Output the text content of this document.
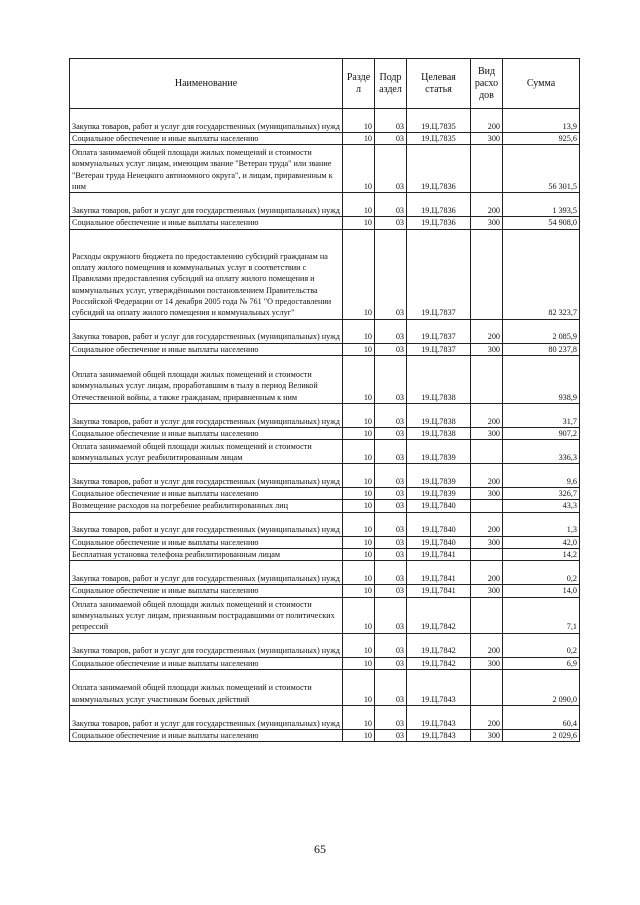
Наименование	Разде л	Подр аздел	Целевая статья	Вид расхо дов	Сумма
Закупка товаров, работ и услуг для государственных (муниципальных) нужд	10	03	19.Ц.7835	200	13,9
Социальное обеспечение и иные выплаты населению	10	03	19.Ц.7835	300	925,6
Оплата занимаемой общей площади жилых помещений и стоимости коммунальных услуг лицам, имеющим звание "Ветеран труда" или звание "Ветеран труда Ненецкого автономного округа", и лицам, приравненным к ним	10	03	19.Ц.7836		56 301,5
Закупка товаров, работ и услуг для государственных (муниципальных) нужд	10	03	19.Ц.7836	200	1 393,5
Социальное обеспечение и иные выплаты населению	10	03	19.Ц.7836	300	54 908,0
Расходы окружного бюджета по предоставлению субсидий гражданам на оплату жилого помещения и коммунальных услуг в соответствии с Правилами предоставления субсидий на оплату жилого помещения и коммунальных услуг, утверждёнными постановлением Правительства Российской Федерации от 14 декабря 2005 года № 761 "О предоставлении субсидий на оплату жилого помещения и коммунальных услуг"	10	03	19.Ц.7837		82 323,7
Закупка товаров, работ и услуг для государственных (муниципальных) нужд	10	03	19.Ц.7837	200	2 085,9
Социальное обеспечение и иные выплаты населению	10	03	19.Ц.7837	300	80 237,8
Оплата занимаемой общей площади жилых помещений и стоимости коммунальных услуг лицам, проработавшим в тылу в период Великой Отечественной войны, а также гражданам, приравненным к ним	10	03	19.Ц.7838		938,9
Закупка товаров, работ и услуг для государственных (муниципальных) нужд	10	03	19.Ц.7838	200	31,7
Социальное обеспечение и иные выплаты населению	10	03	19.Ц.7838	300	907,2
Оплата занимаемой общей площади жилых помещений и стоимости коммунальных услуг реабилитированным лицам	10	03	19.Ц.7839		336,3
Закупка товаров, работ и услуг для государственных (муниципальных) нужд	10	03	19.Ц.7839	200	9,6
Социальное обеспечение и иные выплаты населению	10	03	19.Ц.7839	300	326,7
Возмещение расходов на погребение реабилитированных лиц	10	03	19.Ц.7840		43,3
Закупка товаров, работ и услуг для государственных (муниципальных) нужд	10	03	19.Ц.7840	200	1,3
Социальное обеспечение и иные выплаты населению	10	03	19.Ц.7840	300	42,0
Бесплатная установка телефона реабилитированным лицам	10	03	19.Ц.7841		14,2
Закупка товаров, работ и услуг для государственных (муниципальных) нужд	10	03	19.Ц.7841	200	0,2
Социальное обеспечение и иные выплаты населению	10	03	19.Ц.7841	300	14,0
Оплата занимаемой общей площади жилых помещений и стоимости коммунальных услуг лицам, признанным пострадавшими от политических репрессий	10	03	19.Ц.7842		7,1
Закупка товаров, работ и услуг для государственных (муниципальных) нужд	10	03	19.Ц.7842	200	0,2
Социальное обеспечение и иные выплаты населению	10	03	19.Ц.7842	300	6,9
Оплата занимаемой общей площади жилых помещений и стоимости коммунальных услуг участникам боевых действий	10	03	19.Ц.7843		2 090,0
Закупка товаров, работ и услуг для государственных (муниципальных) нужд	10	03	19.Ц.7843	200	60,4
Социальное обеспечение и иные выплаты населению	10	03	19.Ц.7843	300	2 029,6
65
